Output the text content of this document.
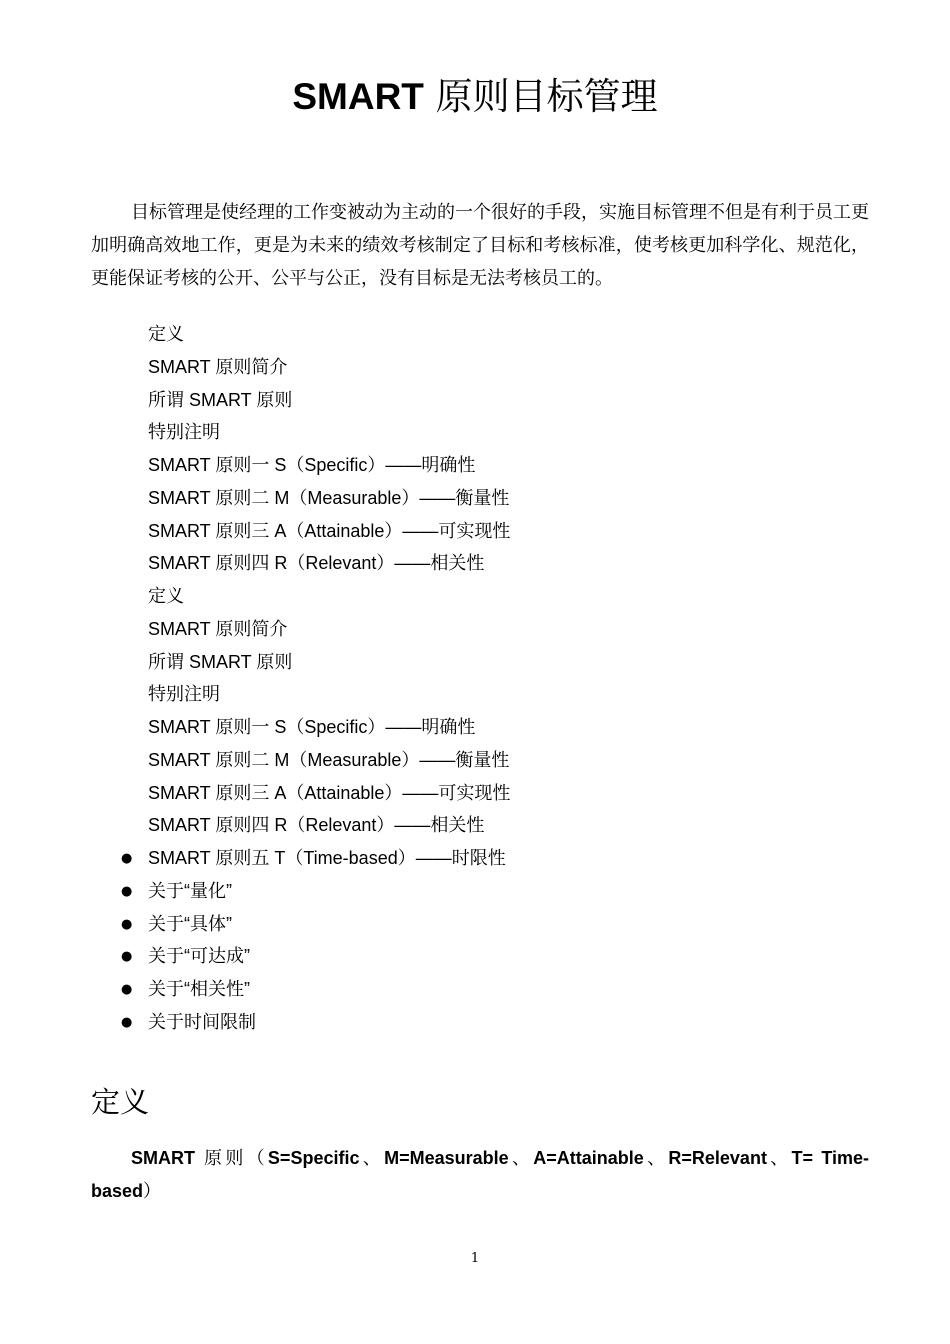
SMART 原则目标管理

目标管理是使经理的工作变被动为主动的一个很好的手段，实施目标管理不但是有利于员工更加明确高效地工作，更是为未来的绩效考核制定了目标和考核标准，使考核更加科学化、规范化，更能保证考核的公开、公平与公正，没有目标是无法考核员工的。

定义
SMART 原则简介
所谓 SMART 原则
特别注明
SMART 原则一 S（Specific）——明确性
SMART 原则二 M（Measurable）——衡量性
SMART 原则三 A（Attainable）——可实现性
SMART 原则四 R（Relevant）——相关性
定义
SMART 原则简介
所谓 SMART 原则
特别注明
SMART 原则一 S（Specific）——明确性
SMART 原则二 M（Measurable）——衡量性
SMART 原则三 A（Attainable）——可实现性
SMART 原则四 R（Relevant）——相关性
● SMART 原则五 T（Time-based）——时限性
● 关于“量化”
● 关于“具体”
● 关于“可达成”
● 关于“相关性”
● 关于时间限制
定义

SMART 原则（S=Specific、M=Measurable、A=Attainable、R=Relevant、T= Time-based）

1
